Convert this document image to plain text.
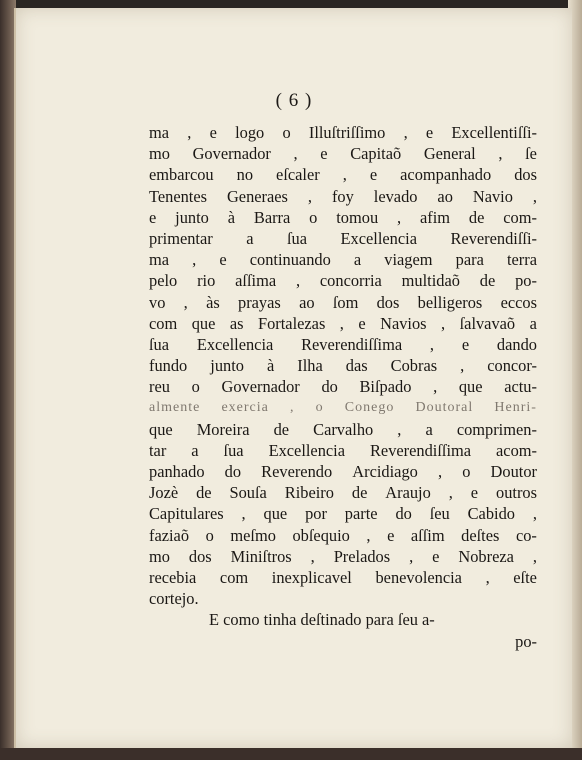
( 6 )
ma , e logo o Illuſtriſſimo , e Excellentiſſi-
mo Governador , e Capitaõ General , ſe
embarcou no eſcaler , e acompanhado dos
Tenentes Generaes , foy levado ao Navio ,
e junto à Barra o tomou , afim de com-
primentar a ſua Excellencia Reverendiſſi-
ma , e continuando a viagem para terra
pelo rio aſſima , concorria multidaõ de po-
vo , às prayas ao ſom dos belligeros eccos
com que as Fortalezas , e Navios , ſalvavaõ a
ſua Excellencia Reverendiſſima , e dando
fundo junto à Ilha das Cobras , concor-
reu o Governador do Biſpado , que actu-
almente exercia , o Conego Doutoral Henri-
que Moreira de Carvalho , a comprimen-
tar a ſua Excellencia Reverendiſſima acom-
panhado do Reverendo Arcidiago , o Doutor
Jozè de Souſa Ribeiro de Araujo , e outros
Capitulares , que por parte do ſeu Cabido ,
faziaõ o meſmo obſequio , e aſſim deſtes co-
mo dos Miniſtros , Prelados , e Nobreza ,
recebia com inexplicavel benevolencia , eſte
cortejo.
E como tinha deſtinado para ſeu a-
po-
